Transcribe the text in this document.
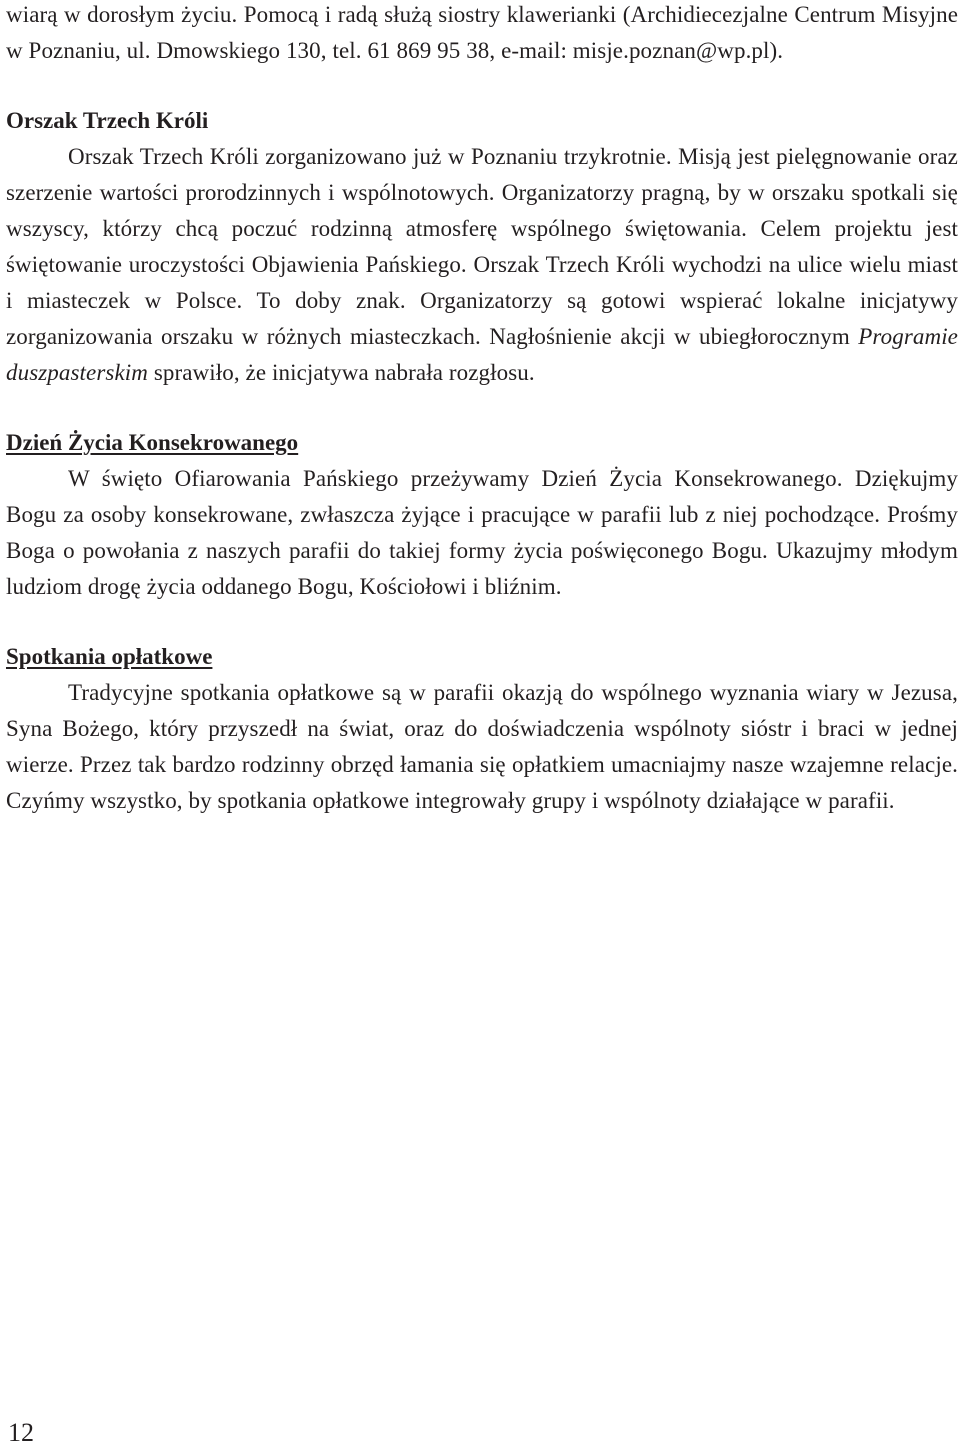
wiarą w dorosłym życiu. Pomocą i radą służą siostry klawerianki (Archidiecezjalne Centrum Misyjne w Poznaniu, ul. Dmowskiego 130, tel. 61 869 95 38, e-mail: misje.poznan@wp.pl).

Orszak Trzech Króli

Orszak Trzech Króli zorganizowano już w Poznaniu trzykrotnie. Misją jest pielęgnowanie oraz szerzenie wartości prorodzinnych i wspólnotowych. Organizatorzy pragną, by w orszaku spotkali się wszyscy, którzy chcą poczuć rodzinną atmosferę wspólnego świętowania. Celem projektu jest świętowanie uroczystości Objawienia Pańskiego. Orszak Trzech Króli wychodzi na ulice wielu miast i miasteczek w Polsce. To doby znak. Organizatorzy są gotowi wspierać lokalne inicjatywy zorganizowania orszaku w różnych miasteczkach. Nagłośnienie akcji w ubiegłorocznym Programie duszpasterskim sprawiło, że inicjatywa nabrała rozgłosu.

Dzień Życia Konsekrowanego

W święto Ofiarowania Pańskiego przeżywamy Dzień Życia Konsekrowanego. Dziękujmy Bogu za osoby konsekrowane, zwłaszcza żyjące i pracujące w parafii lub z niej pochodzące. Prośmy Boga o powołania z naszych parafii do takiej formy życia poświęconego Bogu. Ukazujmy młodym ludziom drogę życia oddanego Bogu, Kościołowi i bliźnim.

Spotkania opłatkowe

Tradycyjne spotkania opłatkowe są w parafii okazją do wspólnego wyznania wiary w Jezusa, Syna Bożego, który przyszedł na świat, oraz do doświadczenia wspólnoty sióstr i braci w jednej wierze. Przez tak bardzo rodzinny obrzęd łamania się opłatkiem umacniajmy nasze wzajemne relacje. Czyńmy wszystko, by spotkania opłatkowe integrowały grupy i wspólnoty działające w parafii.

12
